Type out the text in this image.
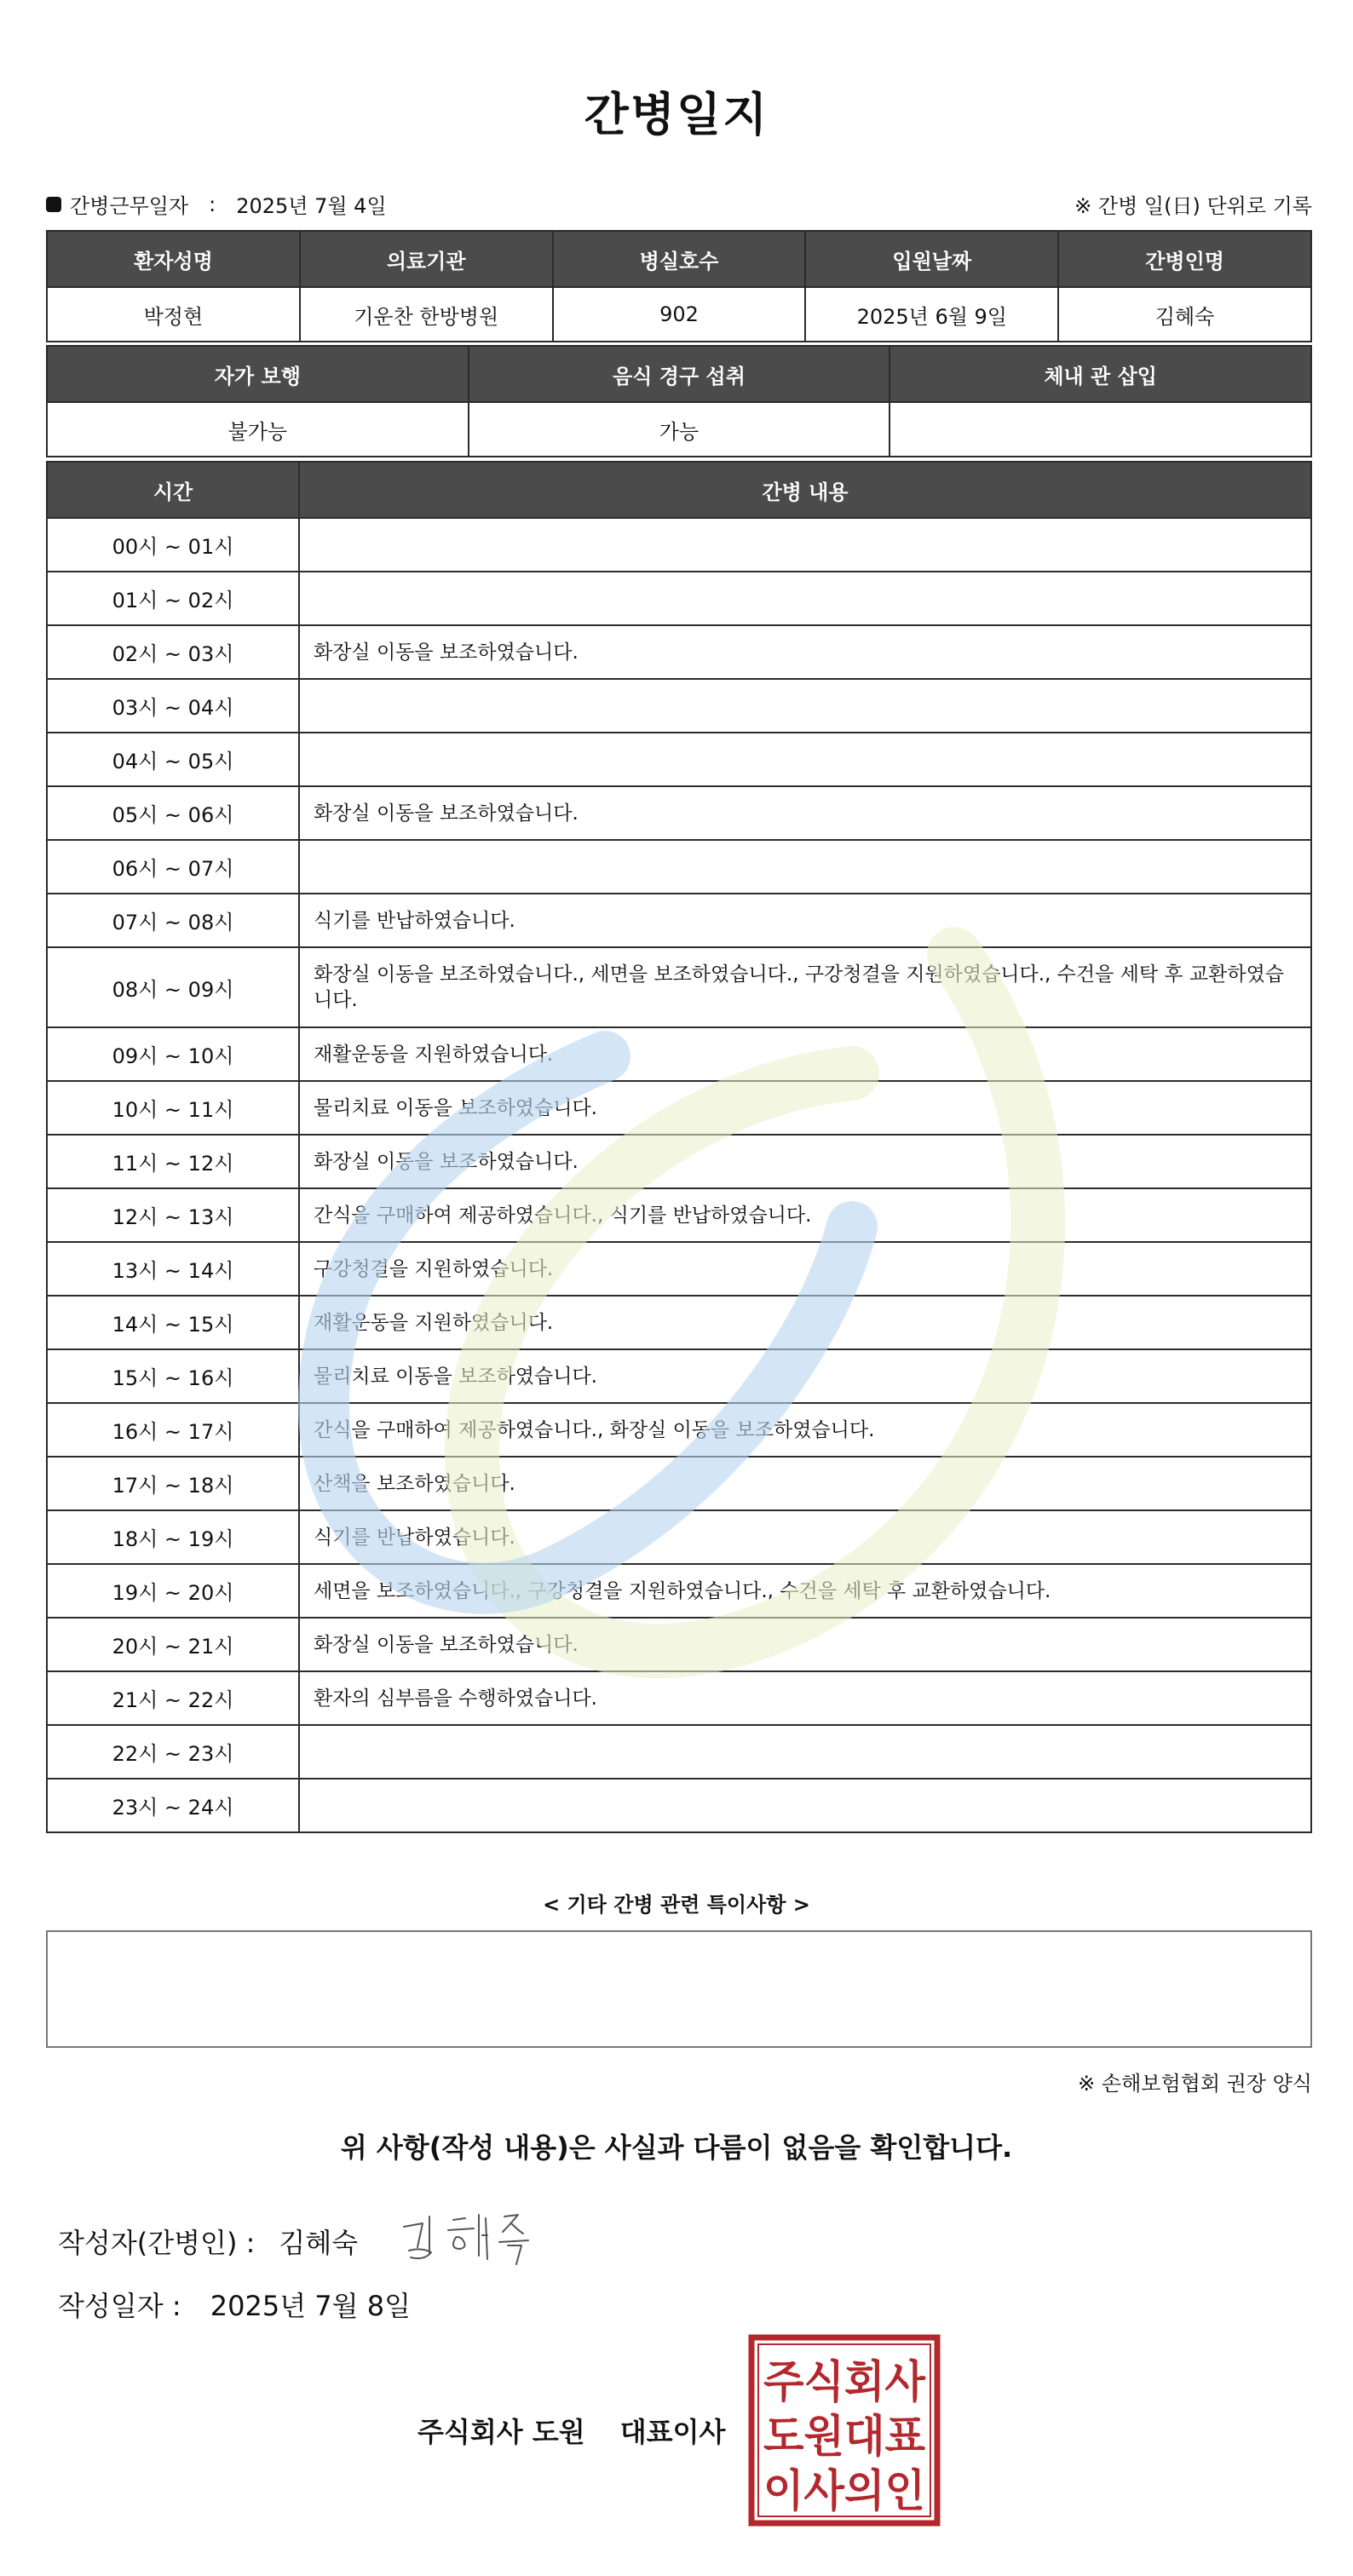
간병일지
간병근무일자 : 2025년 7월 4일	※ 간병 일(日) 단위로 기록
환자성명	의료기관	병실호수	입원날짜	간병인명
박정현	기운찬 한방병원	902	2025년 6월 9일	김혜숙
자가 보행	음식 경구 섭취	체내 관 삽입
불가능	가능	
시간	간병 내용
00시 ~ 01시	
01시 ~ 02시	
02시 ~ 03시	화장실 이동을 보조하였습니다.
03시 ~ 04시	
04시 ~ 05시	
05시 ~ 06시	화장실 이동을 보조하였습니다.
06시 ~ 07시	
07시 ~ 08시	식기를 반납하였습니다.
08시 ~ 09시	화장실 이동을 보조하였습니다., 세면을 보조하였습니다., 구강청결을 지원하였습니다., 수건을 세탁 후 교환하였습니다.
09시 ~ 10시	재활운동을 지원하였습니다.
10시 ~ 11시	물리치료 이동을 보조하였습니다.
11시 ~ 12시	화장실 이동을 보조하였습니다.
12시 ~ 13시	간식을 구매하여 제공하였습니다., 식기를 반납하였습니다.
13시 ~ 14시	구강청결을 지원하였습니다.
14시 ~ 15시	재활운동을 지원하였습니다.
15시 ~ 16시	물리치료 이동을 보조하였습니다.
16시 ~ 17시	간식을 구매하여 제공하였습니다., 화장실 이동을 보조하였습니다.
17시 ~ 18시	산책을 보조하였습니다.
18시 ~ 19시	식기를 반납하였습니다.
19시 ~ 20시	세면을 보조하였습니다., 구강청결을 지원하였습니다., 수건을 세탁 후 교환하였습니다.
20시 ~ 21시	화장실 이동을 보조하였습니다.
21시 ~ 22시	환자의 심부름을 수행하였습니다.
22시 ~ 23시	
23시 ~ 24시	
< 기타 간병 관련 특이사항 >
※ 손해보험협회 권장 양식
위 사항(작성 내용)은 사실과 다름이 없음을 확인합니다.
작성자(간병인) : 김혜숙
작성일자 : 2025년 7월 8일
주식회사 도원 대표이사
주식회사
도원대표
이사의인
